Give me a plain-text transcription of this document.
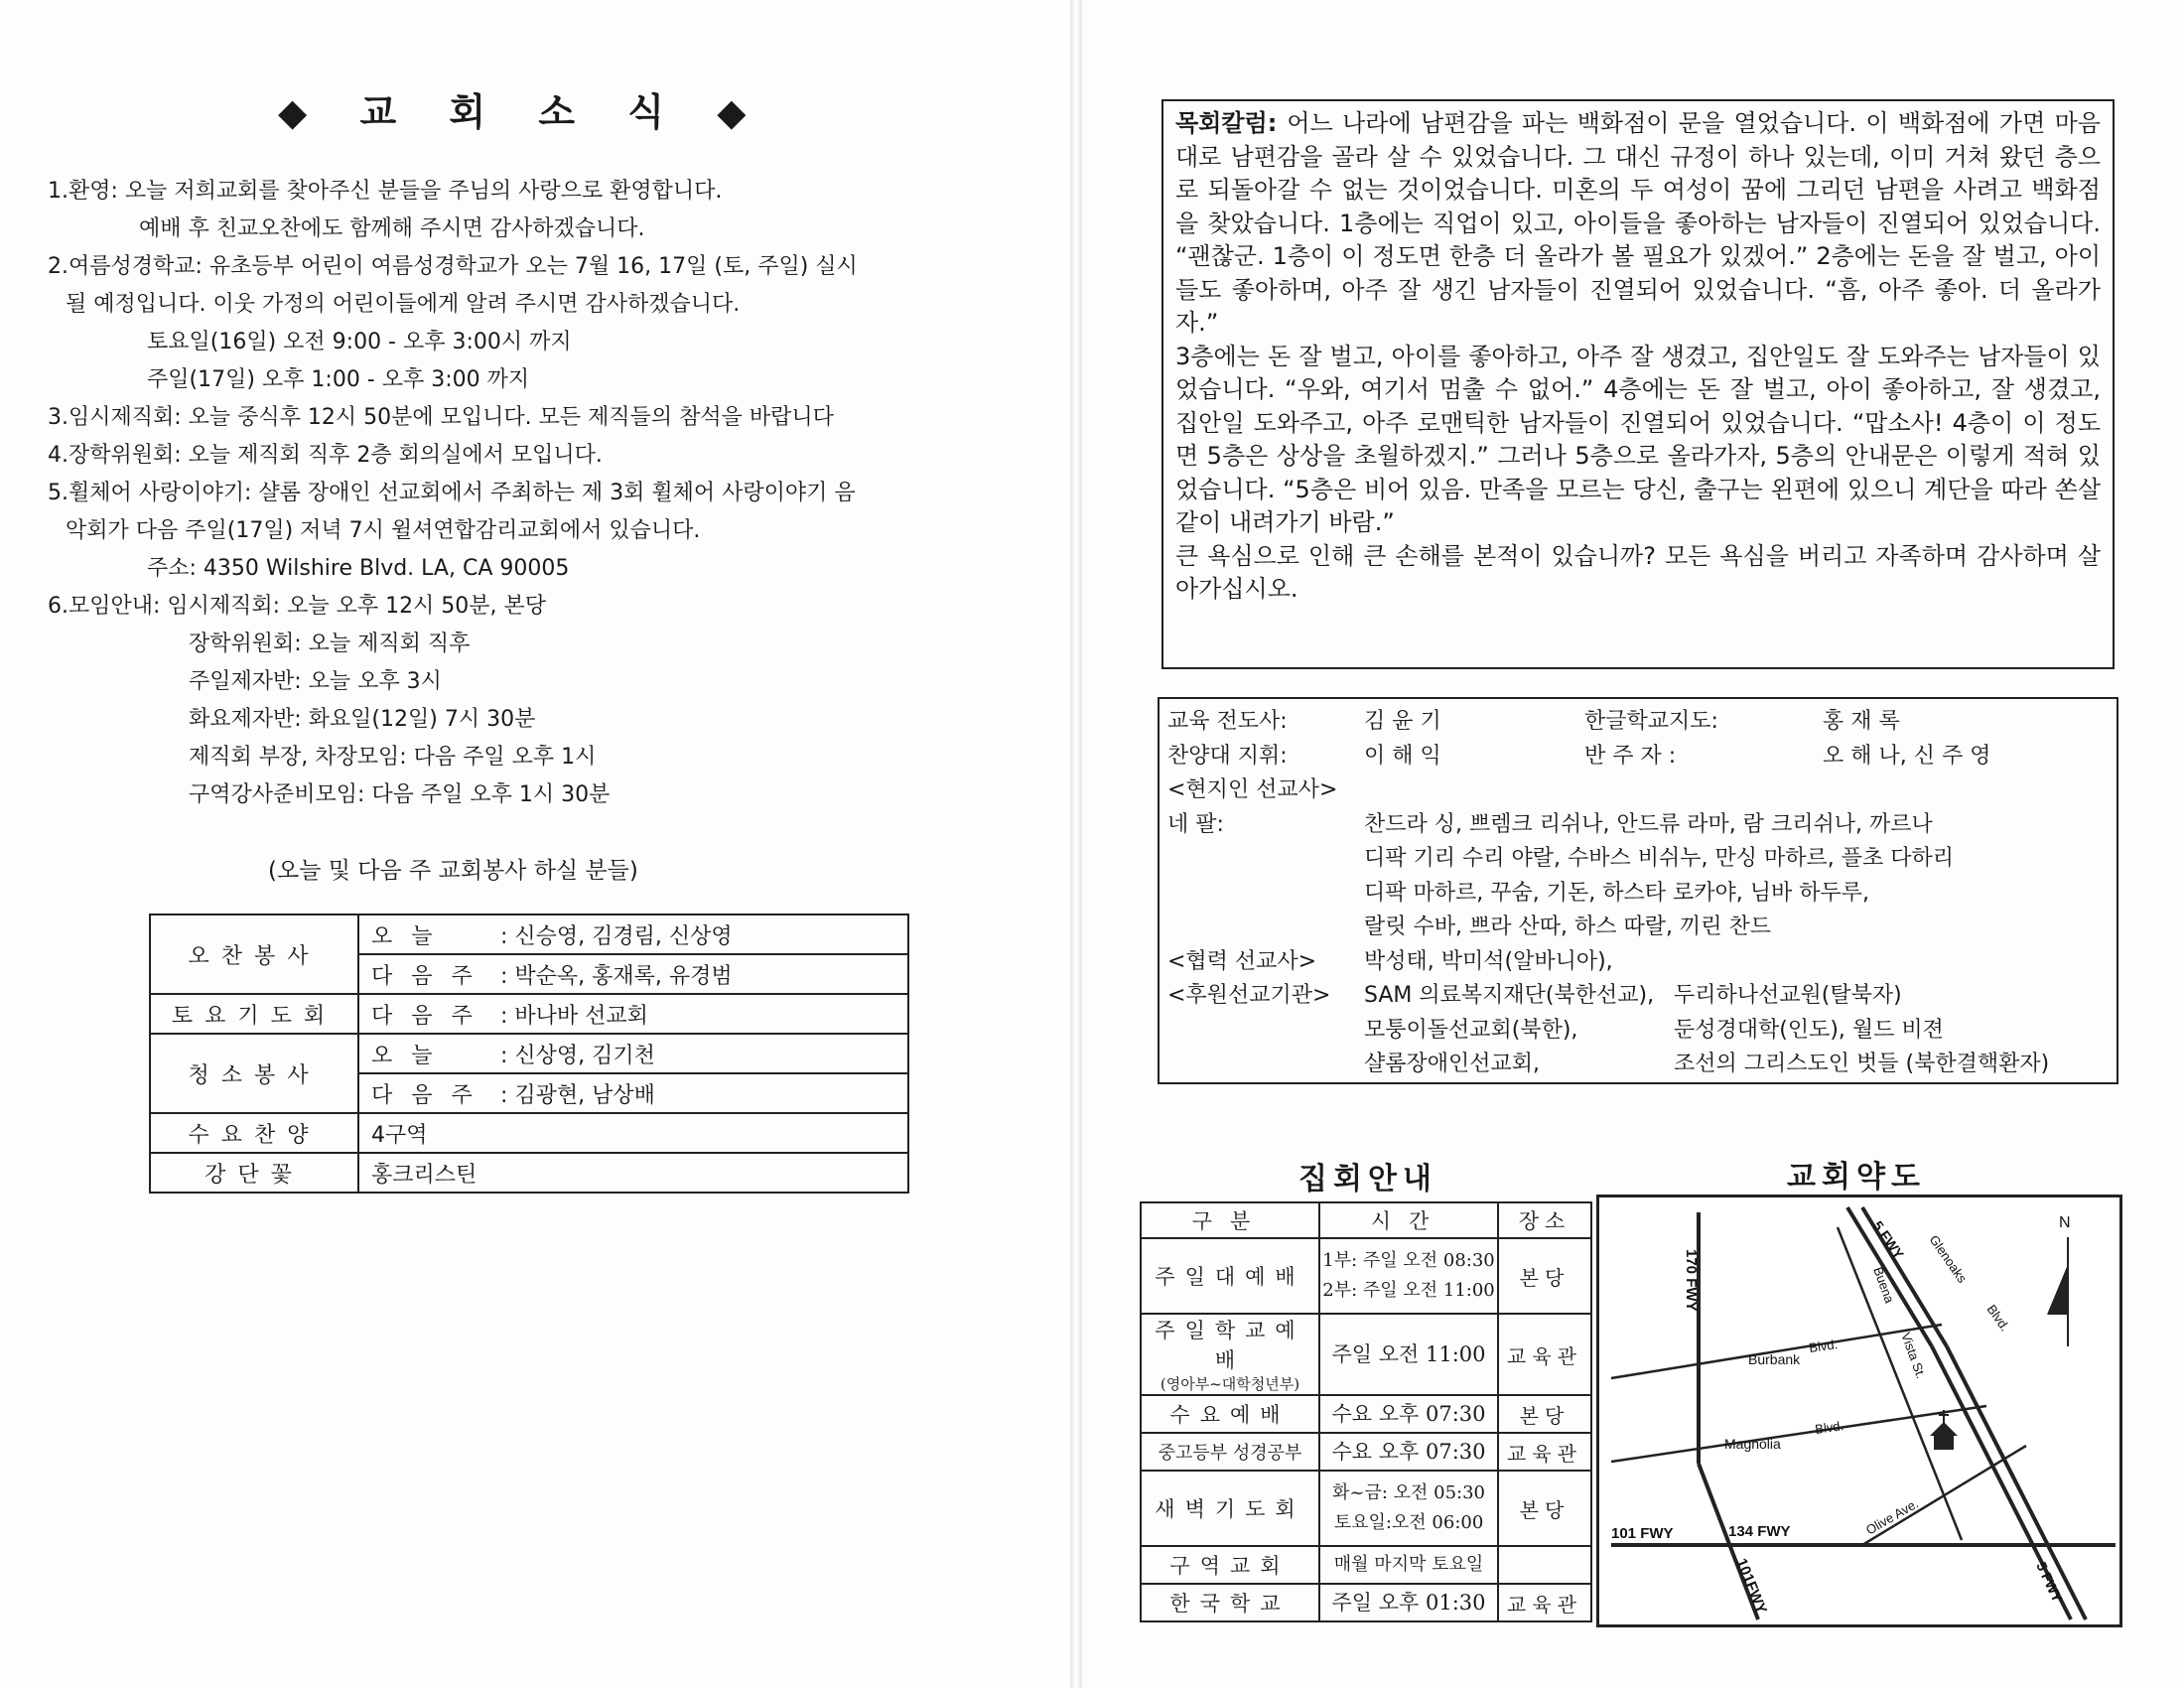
◆ 교 회 소 식 ◆
1.환영: 오늘 저희교회를 찾아주신 분들을 주님의 사랑으로 환영합니다.
예배 후 친교오찬에도 함께해 주시면 감사하겠습니다.
2.여름성경학교: 유초등부 어린이 여름성경학교가 오는 7월 16, 17일 (토, 주일) 실시
될 예정입니다. 이웃 가정의 어린이들에게 알려 주시면 감사하겠습니다.
토요일(16일) 오전 9:00 - 오후 3:00시 까지
주일(17일) 오후 1:00 - 오후 3:00 까지
3.임시제직회: 오늘 중식후 12시 50분에 모입니다. 모든 제직들의 참석을 바랍니다
4.장학위원회: 오늘 제직회 직후 2층 회의실에서 모입니다.
5.휠체어 사랑이야기: 샬롬 장애인 선교회에서 주최하는 제 3회 휠체어 사랑이야기 음
악회가 다음 주일(17일) 저녁 7시 윌셔연합감리교회에서 있습니다.
주소: 4350 Wilshire Blvd. LA, CA 90005
6.모임안내: 임시제직회: 오늘 오후 12시 50분, 본당
장학위원회: 오늘 제직회 직후
주일제자반: 오늘 오후 3시
화요제자반: 화요일(12일) 7시 30분
제직회 부장, 차장모임: 다음 주일 오후 1시
구역강사준비모임: 다음 주일 오후 1시 30분
(오늘 및 다음 주 교회봉사 하실 분들)
오찬봉사	오 늘 : 신승영, 김경림, 신상영
	다 음 주 : 박순옥, 홍재록, 유경범
토요기도회	다 음 주 : 바나바 선교회
청소봉사	오 늘 : 신상영, 김기천
	다 음 주 : 김광현, 남상배
수요찬양	4구역
강단꽃	홍크리스틴
목회칼럼: 어느 나라에 남편감을 파는 백화점이 문을 열었습니다. 이 백화점에 가면 마음대로 남편감을 골라 살 수 있었습니다. 그 대신 규정이 하나 있는데, 이미 거쳐 왔던 층으로 되돌아갈 수 없는 것이었습니다. 미혼의 두 여성이 꿈에 그리던 남편을 사려고 백화점을 찾았습니다. 1층에는 직업이 있고, 아이들을 좋아하는 남자들이 진열되어 있었습니다. “괜찮군. 1층이 이 정도면 한층 더 올라가 볼 필요가 있겠어.” 2층에는 돈을 잘 벌고, 아이들도 좋아하며, 아주 잘 생긴 남자들이 진열되어 있었습니다. “흠, 아주 좋아. 더 올라가자.”
3층에는 돈 잘 벌고, 아이를 좋아하고, 아주 잘 생겼고, 집안일도 잘 도와주는 남자들이 있었습니다. “우와, 여기서 멈출 수 없어.” 4층에는 돈 잘 벌고, 아이 좋아하고, 잘 생겼고, 집안일 도와주고, 아주 로맨틱한 남자들이 진열되어 있었습니다. “맙소사! 4층이 이 정도면 5층은 상상을 초월하겠지.” 그러나 5층으로 올라가자, 5층의 안내문은 이렇게 적혀 있었습니다. “5층은 비어 있음. 만족을 모르는 당신, 출구는 왼편에 있으니 계단을 따라 쏜살같이 내려가기 바람.”
큰 욕심으로 인해 큰 손해를 본적이 있습니까? 모든 욕심을 버리고 자족하며 감사하며 살아가십시오.
교육 전도사:	김 윤 기	한글학교지도:	홍 재 록
찬양대 지휘:	이 해 익	반 주 자 :	오 해 나, 신 주 영
<현지인 선교사>
네 팔:	찬드라 싱, 쁘렘크 리쉬나, 안드류 라마, 람 크리쉬나, 까르나
디팍 기리 수리 야랄, 수바스 비쉬누, 만싱 마하르, 플초 다하리
디팍 마하르, 꾸숨, 기돈, 하스타 로카야, 님바 하두루,
랄릿 수바, 쁘라 산따, 하스 따랄, 끼린 찬드
<협력 선교사> 박성태, 박미석(알바니아),
<후원선교기관> SAM 의료복지재단(북한선교), 두리하나선교원(탈북자)
모퉁이돌선교회(북한),	둔성경대학(인도), 월드 비젼
샬롬장애인선교회,	조선의 그리스도인 벗들 (북한결핵환자)
집회안내	교회약도
구분	시간	장소
주일대예배	1부: 주일 오전 08:30
2부: 주일 오전 11:00	본당

주일학교예배
(영아부~대학청년부)	주일 오전 11:00	교육관
수요예배	수요 오후 07:30	본당
중고등부 성경공부	수요 오후 07:30	교육관
새벽기도회	화~금: 오전 05:30
토요일:오전 06:00	본당
구역교회	매월 마지막 토요일	
한국학교	주일 오후 01:30	교육관
170 FWY
5 FWY Glenoaks
Blvd.
Buena
Vista St.
Burbank
Blvd.
Magnolia
Blvd.
101 FWY	134 FWY	Olive Ave.
101FWY	5 FWY
N
